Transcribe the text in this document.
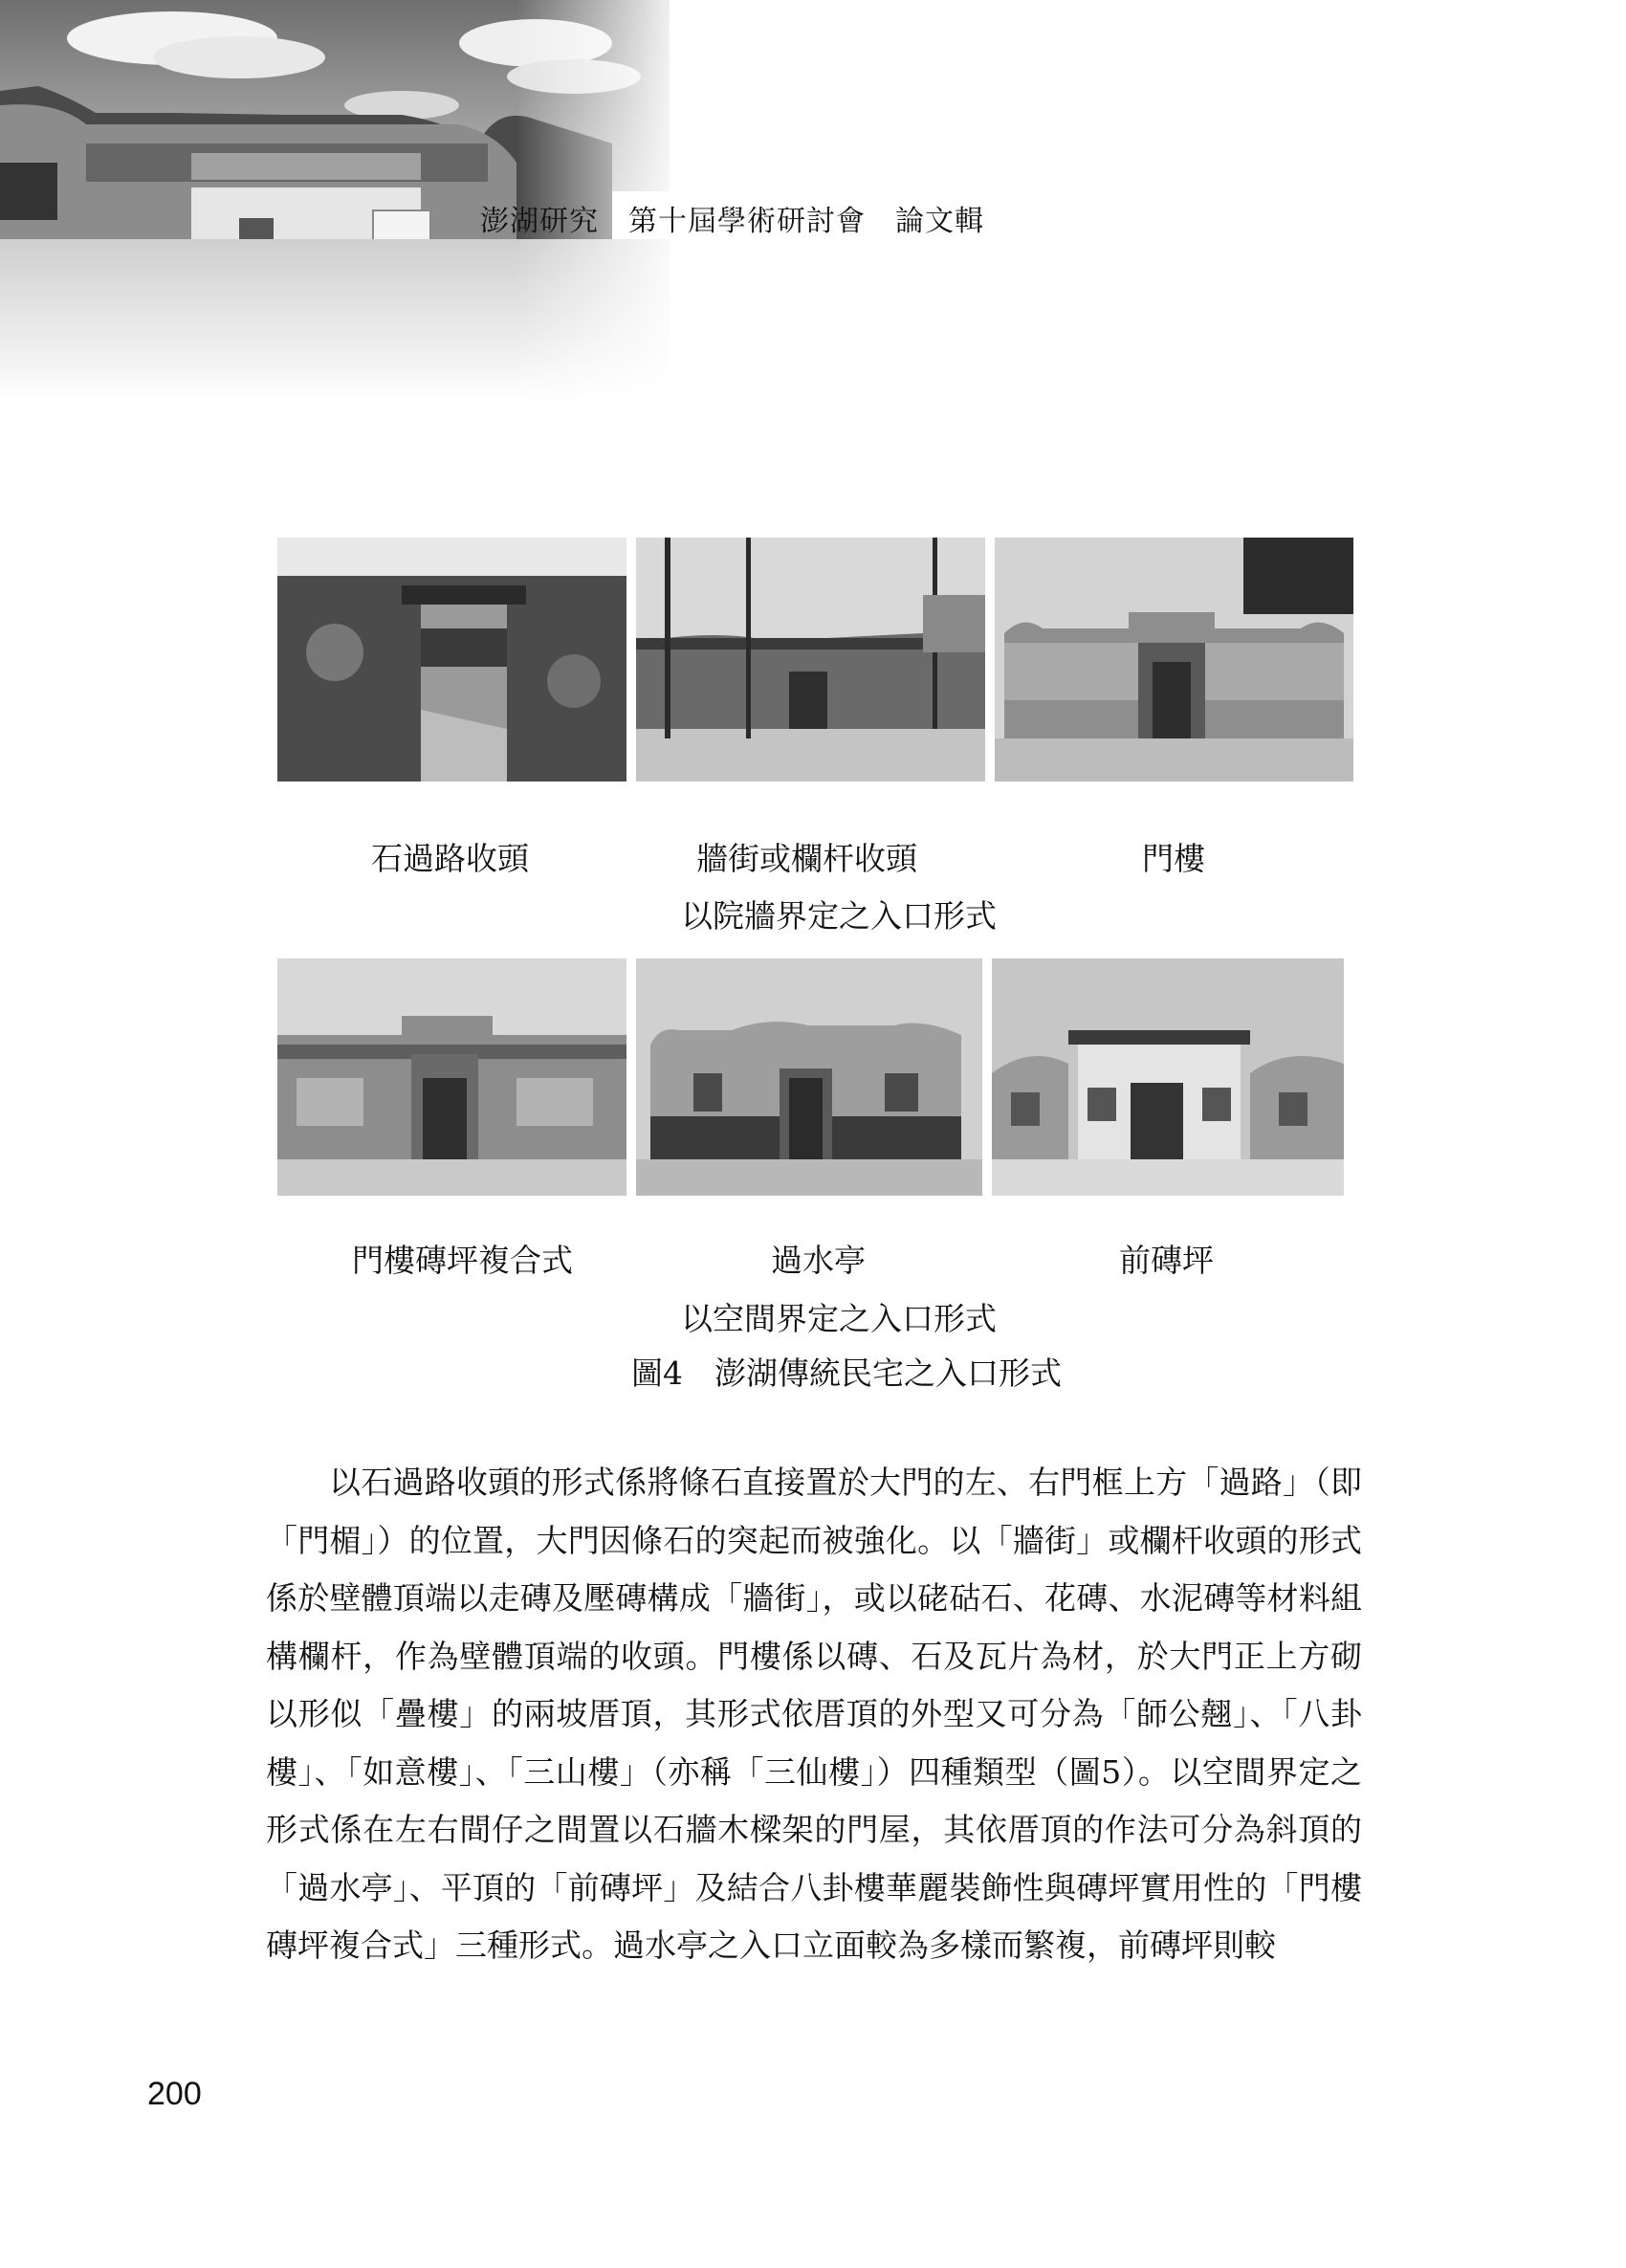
澎湖研究　第十屆學術研討會　論文輯
石過路收頭	牆街或欄杆收頭	門樓
以院牆界定之入口形式
門樓磚坪複合式	過水亭	前磚坪
以空間界定之入口形式
圖4　澎湖傳統民宅之入口形式

以石過路收頭的形式係將條石直接置於大門的左、右門框上方「過路」（即「門楣」）的位置，大門因條石的突起而被強化。以「牆街」或欄杆收頭的形式係於壁體頂端以走磚及壓磚構成「牆街」，或以硓𥑮石、花磚、水泥磚等材料組構欄杆，作為壁體頂端的收頭。門樓係以磚、石及瓦片為材，於大門正上方砌以形似「疊樓」的兩坡厝頂，其形式依厝頂的外型又可分為「師公翹」、「八卦樓」、「如意樓」、「三山樓」（亦稱「三仙樓」）四種類型（圖5）。以空間界定之形式係在左右間仔之間置以石牆木樑架的門屋，其依厝頂的作法可分為斜頂的「過水亭」、平頂的「前磚坪」及結合八卦樓華麗裝飾性與磚坪實用性的「門樓磚坪複合式」三種形式。過水亭之入口立面較為多樣而繁複，前磚坪則較

200
